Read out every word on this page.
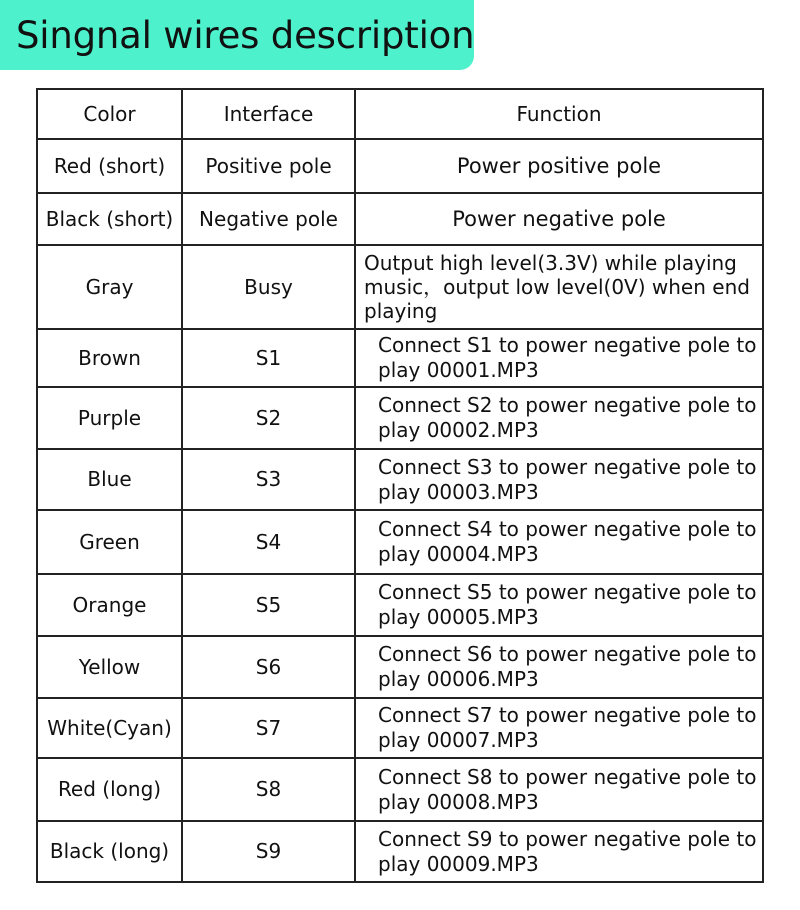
Singnal wires description
Color	Interface	Function
Red (short)	Positive pole	Power positive pole
Black (short)	Negative pole	Power negative pole
Gray	Busy	Output high level(3.3V) while playing music，output low level(0V) when end playing
Brown	S1	Connect S1 to power negative pole to play 00001.MP3
Purple	S2	Connect S2 to power negative pole to play 00002.MP3
Blue	S3	Connect S3 to power negative pole to play 00003.MP3
Green	S4	Connect S4 to power negative pole to play 00004.MP3
Orange	S5	Connect S5 to power negative pole to play 00005.MP3
Yellow	S6	Connect S6 to power negative pole to play 00006.MP3
White(Cyan)	S7	Connect S7 to power negative pole to play 00007.MP3
Red (long)	S8	Connect S8 to power negative pole to play 00008.MP3
Black (long)	S9	Connect S9 to power negative pole to play 00009.MP3
